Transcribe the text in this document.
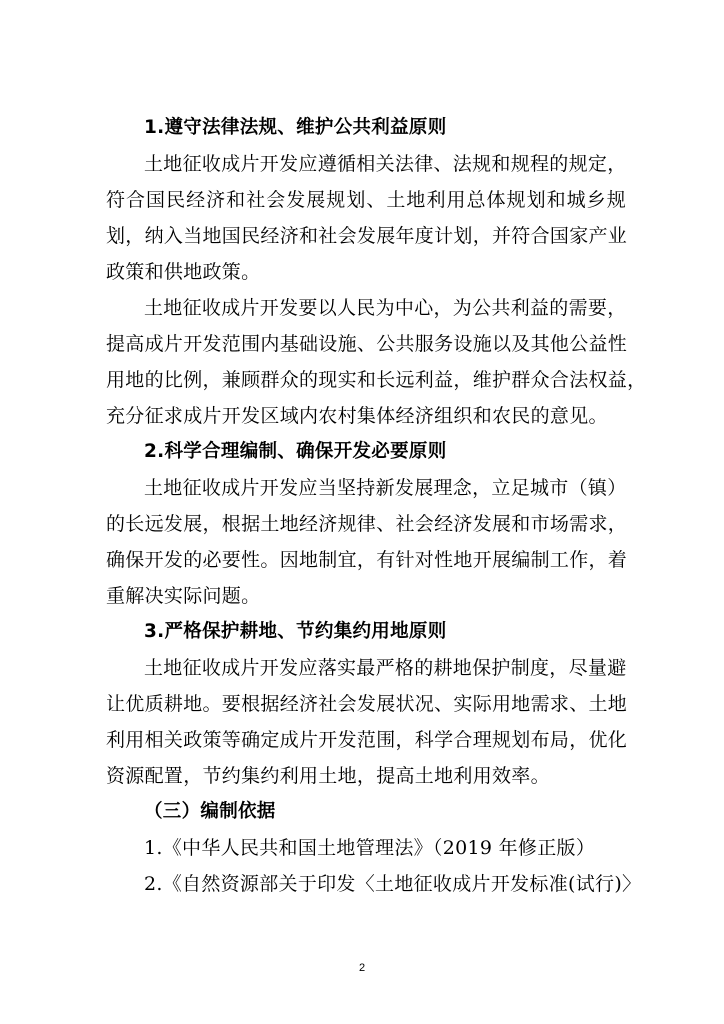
1.遵守法律法规、维护公共利益原则
土地征收成片开发应遵循相关法律、法规和规程的规定，
符合国民经济和社会发展规划、土地利用总体规划和城乡规
划，纳入当地国民经济和社会发展年度计划，并符合国家产业
政策和供地政策。
土地征收成片开发要以人民为中心，为公共利益的需要，
提高成片开发范围内基础设施、公共服务设施以及其他公益性
用地的比例，兼顾群众的现实和长远利益，维护群众合法权益，
充分征求成片开发区域内农村集体经济组织和农民的意见。
2.科学合理编制、确保开发必要原则
土地征收成片开发应当坚持新发展理念，立足城市（镇）
的长远发展，根据土地经济规律、社会经济发展和市场需求，
确保开发的必要性。因地制宜，有针对性地开展编制工作，着
重解决实际问题。
3.严格保护耕地、节约集约用地原则
土地征收成片开发应落实最严格的耕地保护制度，尽量避
让优质耕地。要根据经济社会发展状况、实际用地需求、土地
利用相关政策等确定成片开发范围，科学合理规划布局，优化
资源配置，节约集约利用土地，提高土地利用效率。
（三）编制依据
1.《中华人民共和国土地管理法》（2019 年修正版）
2.《自然资源部关于印发〈土地征收成片开发标准(试行)〉
2
